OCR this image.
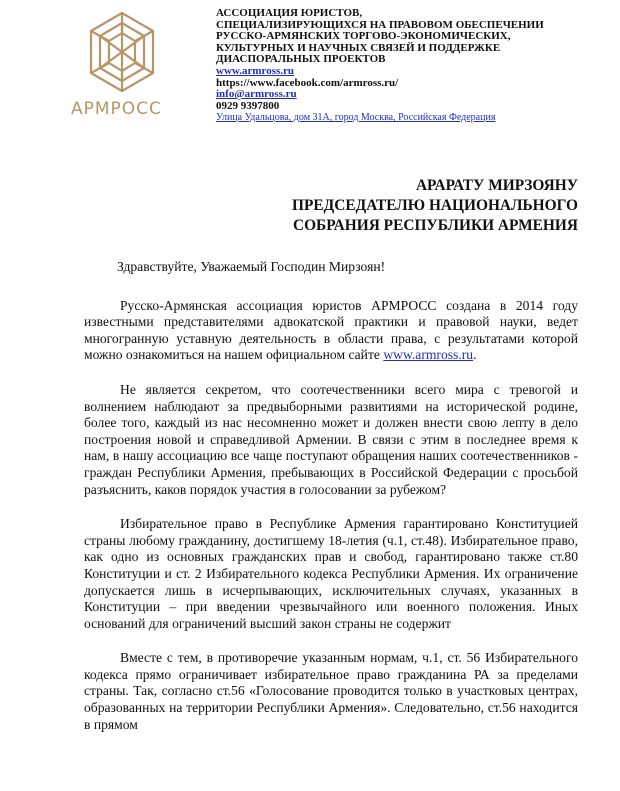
АРМРОСС
АССОЦИАЦИЯ ЮРИСТОВ,
СПЕЦИАЛИЗИРУЮЩИХСЯ НА ПРАВОВОМ ОБЕСПЕЧЕНИИ
РУССКО-АРМЯНСКИХ ТОРГОВО-ЭКОНОМИЧЕСКИХ,
КУЛЬТУРНЫХ И НАУЧНЫХ СВЯЗЕЙ И ПОДДЕРЖКЕ
ДИАСПОРАЛЬНЫХ ПРОЕКТОВ
www.armross.ru
https://www.facebook.com/armross.ru/
info@armross.ru
0929 9397800
Улица Удальцова, дом 31А, город Москва, Российская Федерация
АРАРАТУ МИРЗОЯНУ
ПРЕДСЕДАТЕЛЮ НАЦИОНАЛЬНОГО
СОБРАНИЯ РЕСПУБЛИКИ АРМЕНИЯ

Здравствуйте, Уважаемый Господин Мирзоян!

Русско-Армянская ассоциация юристов АРМРОСС создана в 2014 году известными представителями адвокатской практики и правовой науки, ведет многогранную уставную деятельность в области права, с результатами которой можно ознакомиться на нашем официальном сайте www.armross.ru.

Не является секретом, что соотечественники всего мира с тревогой и волнением наблюдают за предвыборными развитиями на исторической родине, более того, каждый из нас несомненно может и должен внести свою лепту в дело построения новой и справедливой Армении. В связи с этим в последнее время к нам, в нашу ассоциацию все чаще поступают обращения наших соотечественников - граждан Республики Армения, пребывающих в Российской Федерации с просьбой разъяснить, каков порядок участия в голосовании за рубежом?

Избирательное право в Республике Армения гарантировано Конституцией страны любому гражданину, достигшему 18-летия (ч.1, ст.48). Избирательное право, как одно из основных гражданских прав и свобод, гарантировано также ст.80 Конституции и ст. 2 Избирательного кодекса Республики Армения. Их ограничение допускается лишь в исчерпывающих, исключительных случаях, указанных в Конституции – при введении чрезвычайного или военного положения. Иных оснований для ограничений высший закон страны не содержит

Вместе с тем, в противоречие указанным нормам, ч.1, ст. 56 Избирательного кодекса прямо ограничивает избирательное право гражданина РА за пределами страны. Так, согласно ст.56 «Голосование проводится только в участковых центрах, образованных на территории Республики Армения». Следовательно, ст.56 находится в прямом
